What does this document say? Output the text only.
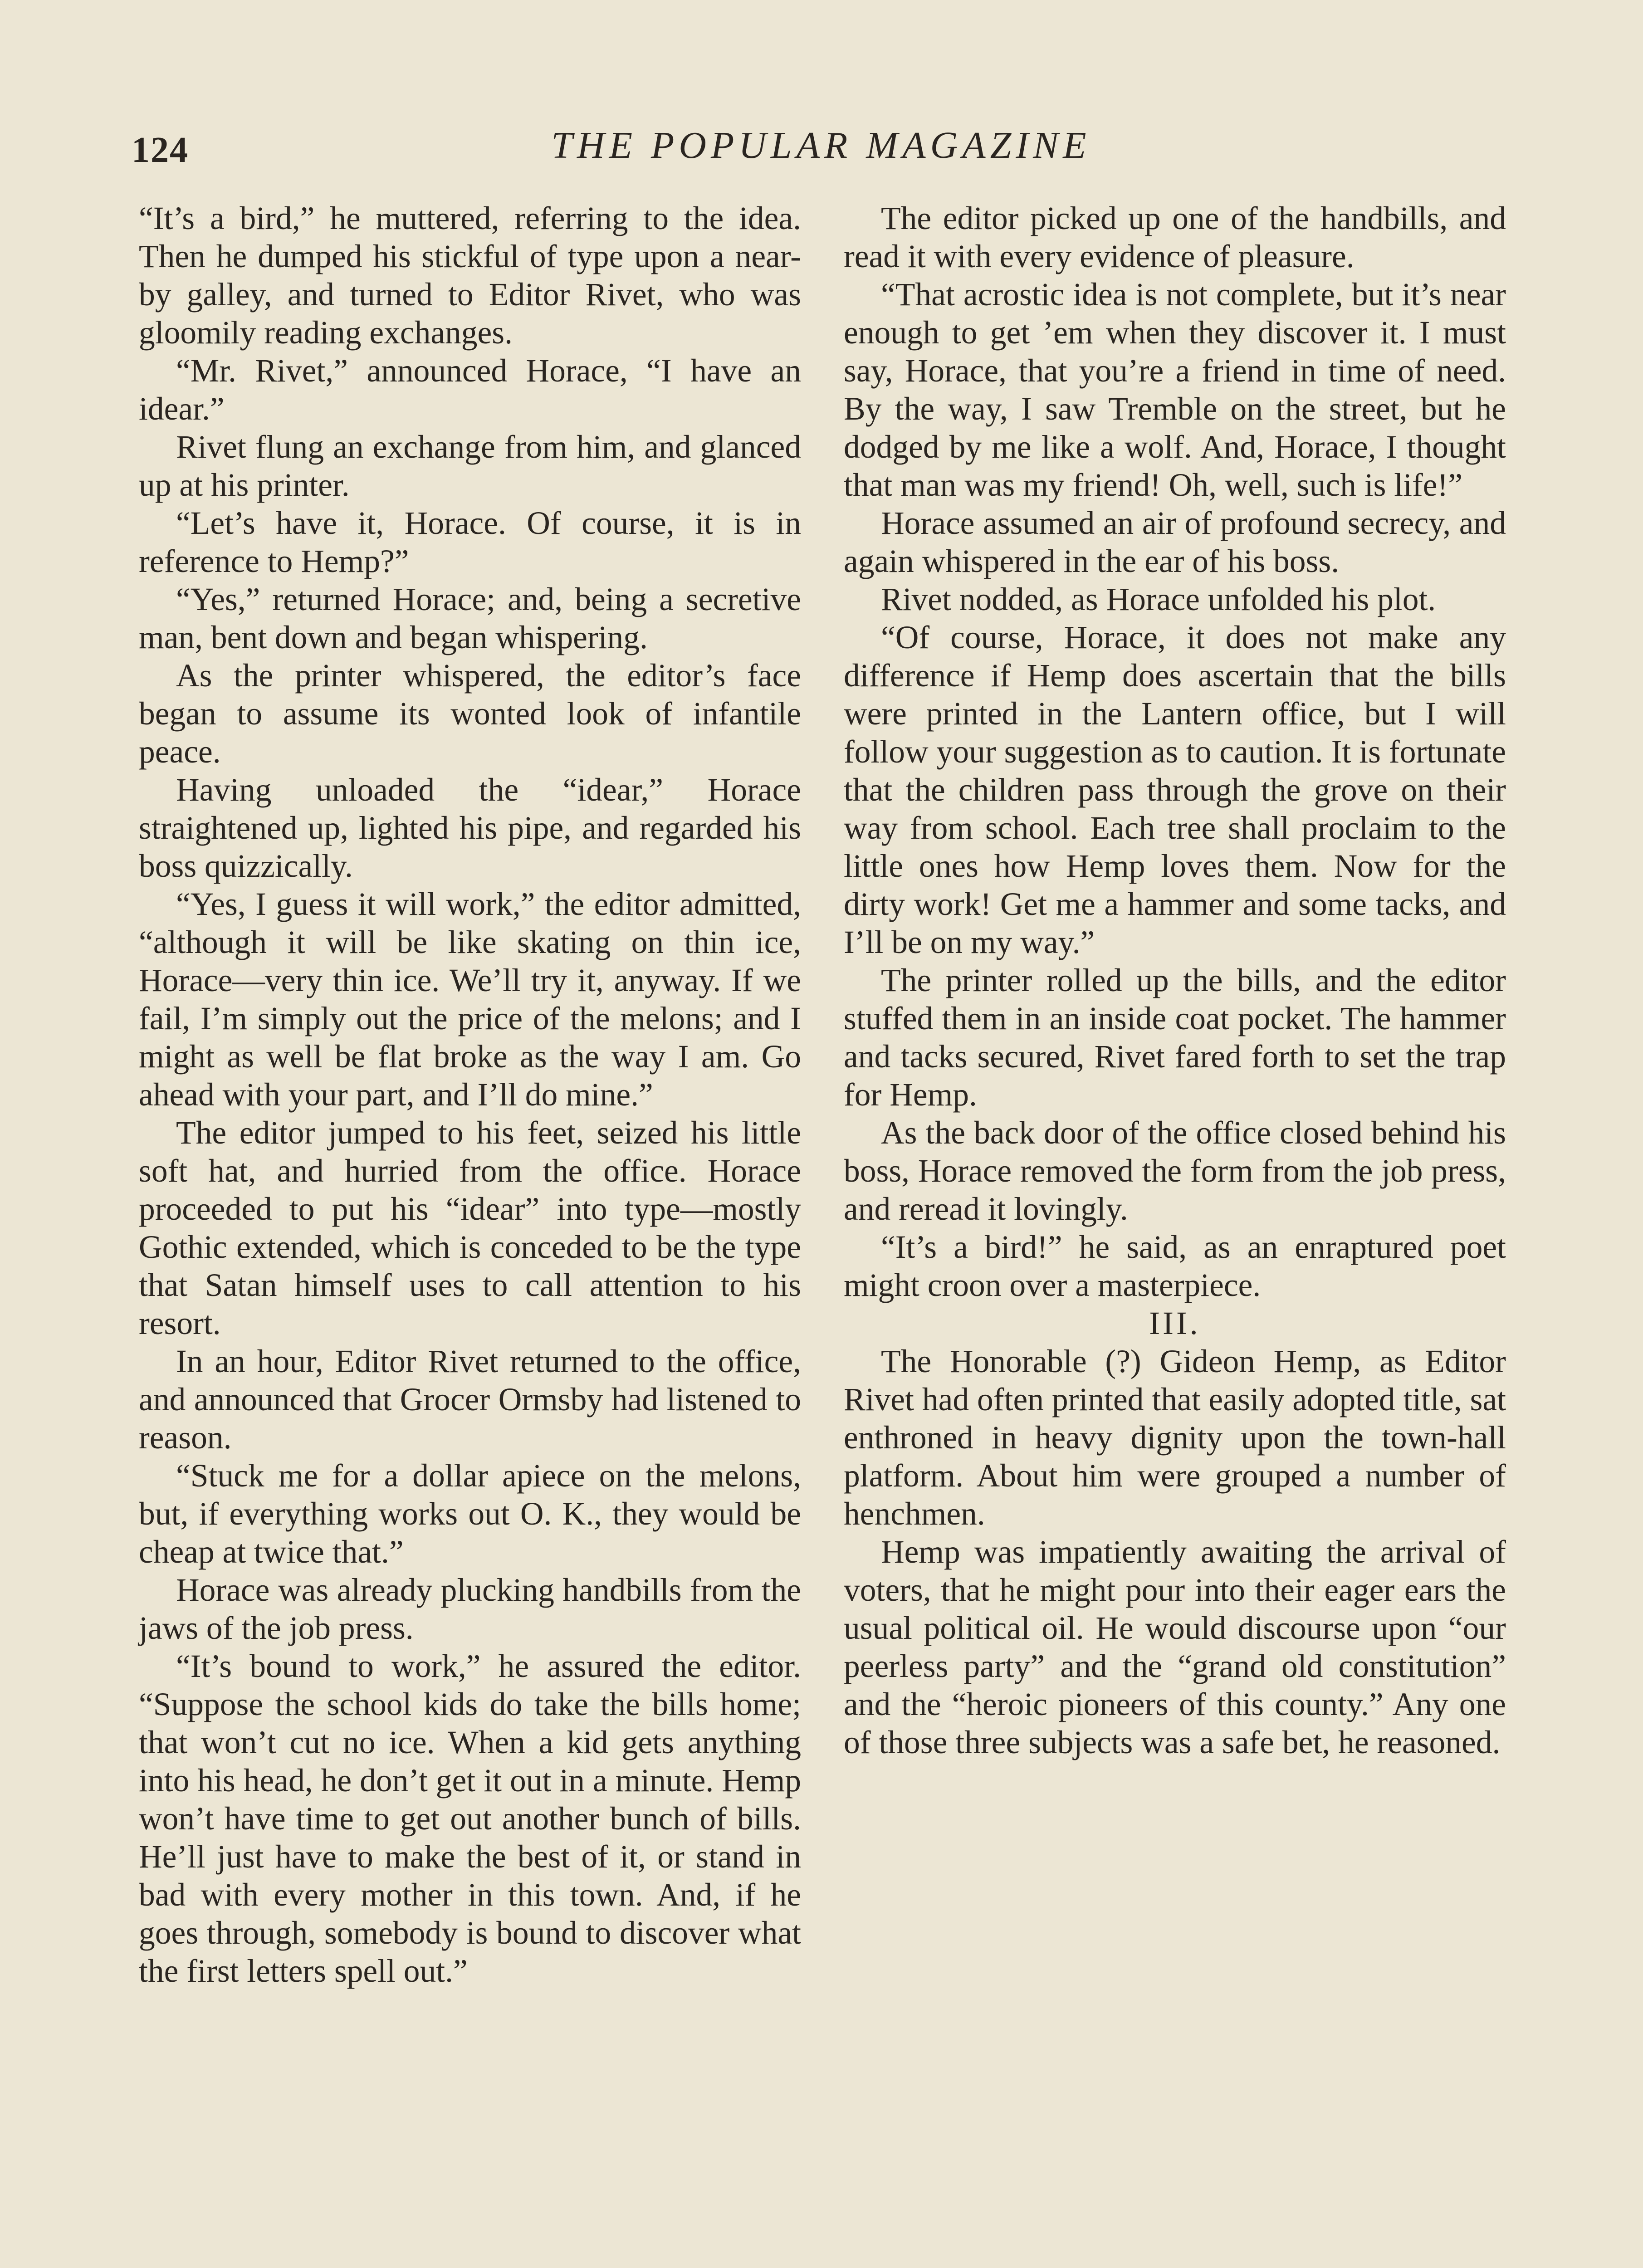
124	THE POPULAR MAGAZINE

“It’s a bird,” he muttered, referring to the idea. Then he dumped his stickful of type upon a near-by galley, and turned to Editor Rivet, who was gloomily reading exchanges.

“Mr. Rivet,” announced Horace, “I have an idear.”

Rivet flung an exchange from him, and glanced up at his printer.

“Let’s have it, Horace. Of course, it is in reference to Hemp?”

“Yes,” returned Horace; and, being a secretive man, bent down and began whispering.

As the printer whispered, the editor’s face began to assume its wonted look of infantile peace.

Having unloaded the “idear,” Horace straightened up, lighted his pipe, and regarded his boss quizzically.

“Yes, I guess it will work,” the editor admitted, “although it will be like skating on thin ice, Horace—very thin ice. We’ll try it, anyway. If we fail, I’m simply out the price of the melons; and I might as well be flat broke as the way I am. Go ahead with your part, and I’ll do mine.”

The editor jumped to his feet, seized his little soft hat, and hurried from the office. Horace proceeded to put his “idear” into type—mostly Gothic extended, which is conceded to be the type that Satan himself uses to call attention to his resort.

In an hour, Editor Rivet returned to the office, and announced that Grocer Ormsby had listened to reason.

“Stuck me for a dollar apiece on the melons, but, if everything works out O. K., they would be cheap at twice that.”

Horace was already plucking handbills from the jaws of the job press.

“It’s bound to work,” he assured the editor. “Suppose the school kids do take the bills home; that won’t cut no ice. When a kid gets anything into his head, he don’t get it out in a minute. Hemp won’t have time to get out another bunch of bills. He’ll just have to make the best of it, or stand in bad with every mother in this town. And, if he goes through, somebody is bound to discover what the first letters spell out.”

The editor picked up one of the handbills, and read it with every evidence of pleasure.

“That acrostic idea is not complete, but it’s near enough to get ’em when they discover it. I must say, Horace, that you’re a friend in time of need. By the way, I saw Tremble on the street, but he dodged by me like a wolf. And, Horace, I thought that man was my friend! Oh, well, such is life!”

Horace assumed an air of profound secrecy, and again whispered in the ear of his boss.

Rivet nodded, as Horace unfolded his plot.

“Of course, Horace, it does not make any difference if Hemp does ascertain that the bills were printed in the Lantern office, but I will follow your suggestion as to caution. It is fortunate that the children pass through the grove on their way from school. Each tree shall proclaim to the little ones how Hemp loves them. Now for the dirty work! Get me a hammer and some tacks, and I’ll be on my way.”

The printer rolled up the bills, and the editor stuffed them in an inside coat pocket. The hammer and tacks secured, Rivet fared forth to set the trap for Hemp.

As the back door of the office closed behind his boss, Horace removed the form from the job press, and reread it lovingly.

“It’s a bird!” he said, as an enraptured poet might croon over a masterpiece.

III.

The Honorable (?) Gideon Hemp, as Editor Rivet had often printed that easily adopted title, sat enthroned in heavy dignity upon the town-hall platform. About him were grouped a number of henchmen.

Hemp was impatiently awaiting the arrival of voters, that he might pour into their eager ears the usual political oil. He would discourse upon “our peerless party” and the “grand old constitution” and the “heroic pioneers of this county.” Any one of those three subjects was a safe bet, he reasoned.
